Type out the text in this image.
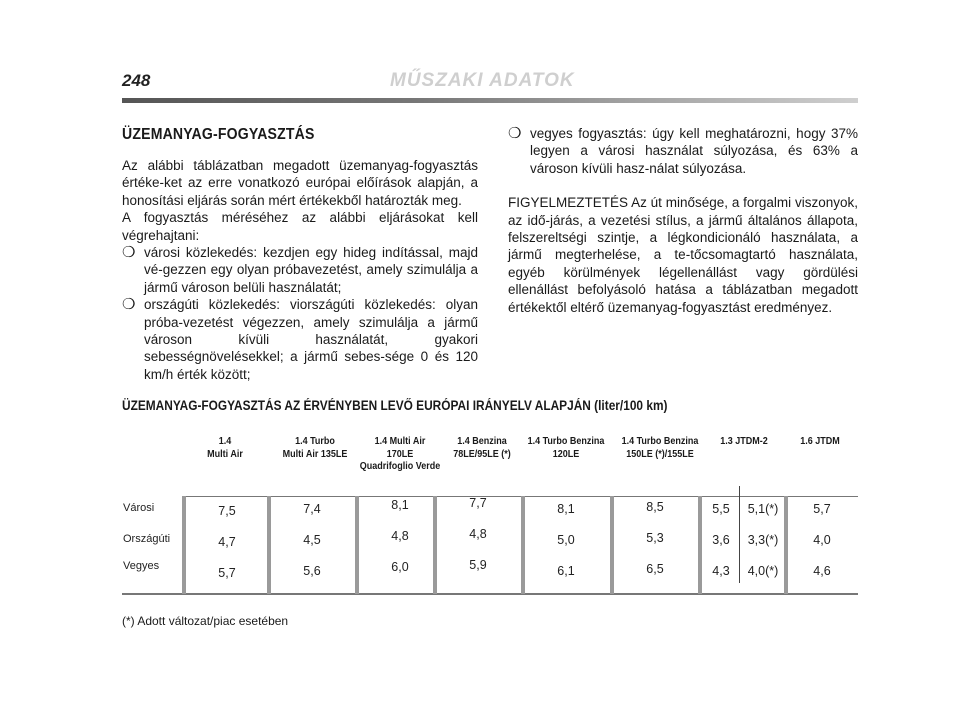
248	MŰSZAKI ADATOK
ÜZEMANYAG-FOGYASZTÁS

Az alábbi táblázatban megadott üzemanyag-fogyasztás értéke-ket az erre vonatkozó európai előírások alapján, a honosítási eljárás során mért értékekből határozták meg.

A fogyasztás méréséhez az alábbi eljárásokat kell végrehajtani:

❍ városi közlekedés: kezdjen egy hideg indítással, majd vé-gezzen egy olyan próbavezetést, amely szimulálja a jármű városon belüli használatát;
❍ országúti közlekedés: viországúti közlekedés: olyan próba-vezetést végezzen, amely szimulálja a jármű városon kívüli használatát, gyakori sebességnövelésekkel; a jármű sebes-sége 0 és 120 km/h érték között;
❍ vegyes fogyasztás: úgy kell meghatározni, hogy 37% legyen a városi használat súlyozása, és 63% a városon kívüli hasz-nálat súlyozása.

FIGYELMEZTETÉS Az út minősége, a forgalmi viszonyok, az idő-járás, a vezetési stílus, a jármű általános állapota, felszereltségi szintje, a légkondicionáló használata, a jármű megterhelése, a te-tőcsomagtartó használata, egyéb körülmények légellenállást vagy gördülési ellenállást befolyásoló hatása a táblázatban megadott értékektől eltérő üzemanyag-fogyasztást eredményez.

ÜZEMANYAG-FOGYASZTÁS AZ ÉRVÉNYBEN LEVŐ EURÓPAI IRÁNYELV ALAPJÁN (liter/100 km)
Városi
Országúti
Vegyes
1.4
Multi Air
7,5
4,7
5,7
1.4 Turbo
Multi Air 135LE
7,4
4,5
5,6
1.4 Multi Air
170LE
Quadrifoglio Verde
8,1
4,8
6,0
1.4 Benzina
78LE/95LE (*)
7,7
4,8
5,9
1.4 Turbo Benzina
120LE
8,1
5,0
6,1
1.4 Turbo Benzina
150LE (*)/155LE
8,5
5,3
6,5
1.3 JTDM-2
5,5
3,6
4,3
5,1(*)
3,3(*)
4,0(*)
1.6 JTDM
5,7
4,0
4,6
(*) Adott változat/piac esetében
